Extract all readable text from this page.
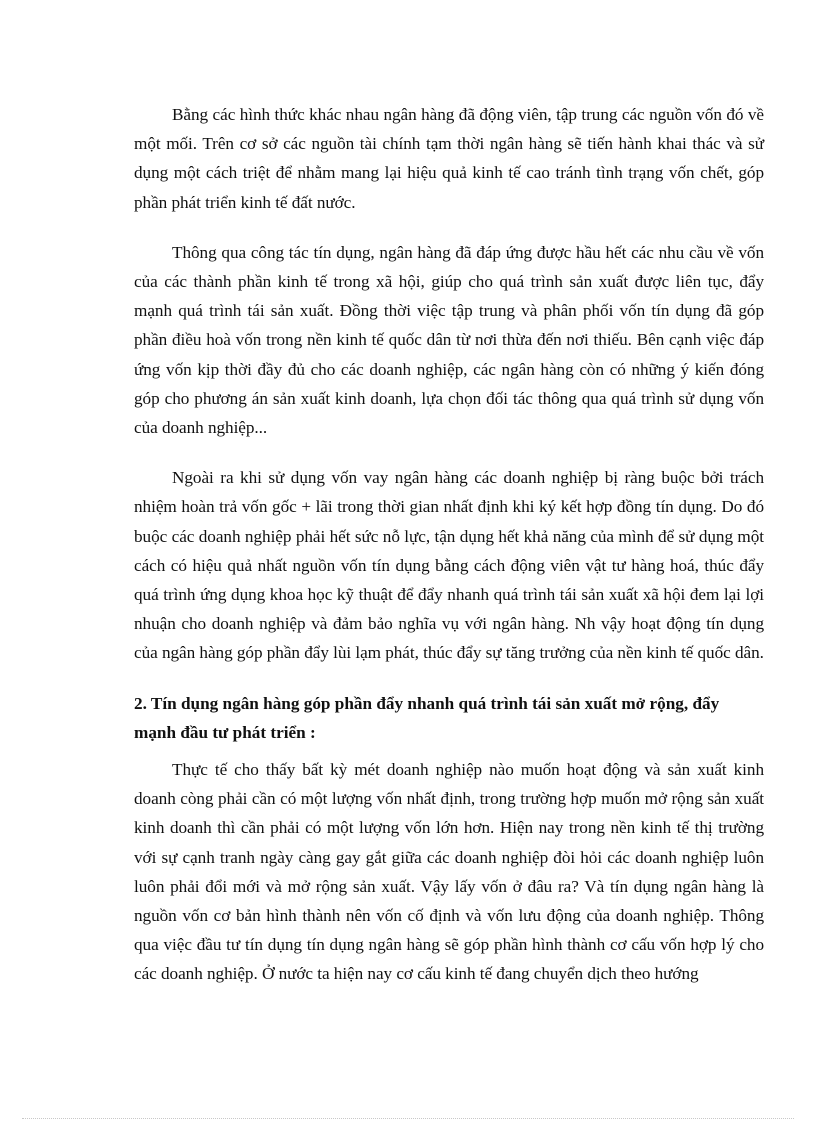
Bằng các hình thức khác nhau ngân hàng đã động viên, tập trung các nguồn vốn đó về một mối. Trên cơ sở các nguồn tài chính tạm thời ngân hàng sẽ tiến hành khai thác và sử dụng một cách triệt để nhằm mang lại hiệu quả kinh tế cao tránh tình trạng vốn chết, góp phần phát triển kinh tế đất nước.

Thông qua công tác tín dụng, ngân hàng đã đáp ứng được hầu hết các nhu cầu về vốn của các thành phần kinh tế trong xã hội, giúp cho quá trình sản xuất được liên tục, đẩy mạnh quá trình tái sản xuất. Đồng thời việc tập trung và phân phối vốn tín dụng đã góp phần điều hoà vốn trong nền kinh tế quốc dân từ nơi thừa đến nơi thiếu. Bên cạnh việc đáp ứng vốn kịp thời đầy đủ cho các doanh nghiệp, các ngân hàng còn có những ý kiến đóng góp cho phương án sản xuất kinh doanh, lựa chọn đối tác thông qua quá trình sử dụng vốn của doanh nghiệp...

Ngoài ra khi sử dụng vốn vay ngân hàng các doanh nghiệp bị ràng buộc bởi trách nhiệm hoàn trả vốn gốc + lãi trong thời gian nhất định khi ký kết hợp đồng tín dụng. Do đó buộc các doanh nghiệp phải hết sức nỗ lực, tận dụng hết khả năng của mình để sử dụng một cách có hiệu quả nhất nguồn vốn tín dụng bằng cách động viên vật tư hàng hoá, thúc đẩy quá trình ứng dụng khoa học kỹ thuật để đẩy nhanh quá trình tái sản xuất xã hội đem lại lợi nhuận cho doanh nghiệp và đảm bảo nghĩa vụ với ngân hàng. Nh vậy hoạt động tín dụng của ngân hàng góp phần đẩy lùi lạm phát, thúc đẩy sự tăng trưởng của nền kinh tế quốc dân.

2. Tín dụng ngân hàng góp phần đẩy nhanh quá trình tái sản xuất mở rộng, đẩy mạnh đầu tư phát triển :

Thực tế cho thấy bất kỳ mét doanh nghiệp nào muốn hoạt động và sản xuất kinh doanh còng phải cần có một lượng vốn nhất định, trong trường hợp muốn mở rộng sản xuất kinh doanh thì cần phải có một lượng vốn lớn hơn. Hiện nay trong nền kinh tế thị trường với sự cạnh tranh ngày càng gay gắt giữa các doanh nghiệp đòi hỏi các doanh nghiệp luôn luôn phải đổi mới và mở rộng sản xuất. Vậy lấy vốn ở đâu ra? Và tín dụng ngân hàng là nguồn vốn cơ bản hình thành nên vốn cố định và vốn lưu động của doanh nghiệp. Thông qua việc đầu tư tín dụng tín dụng ngân hàng sẽ góp phần hình thành cơ cấu vốn hợp lý cho các doanh nghiệp. Ở nước ta hiện nay cơ cấu kinh tế đang chuyển dịch theo hướng
